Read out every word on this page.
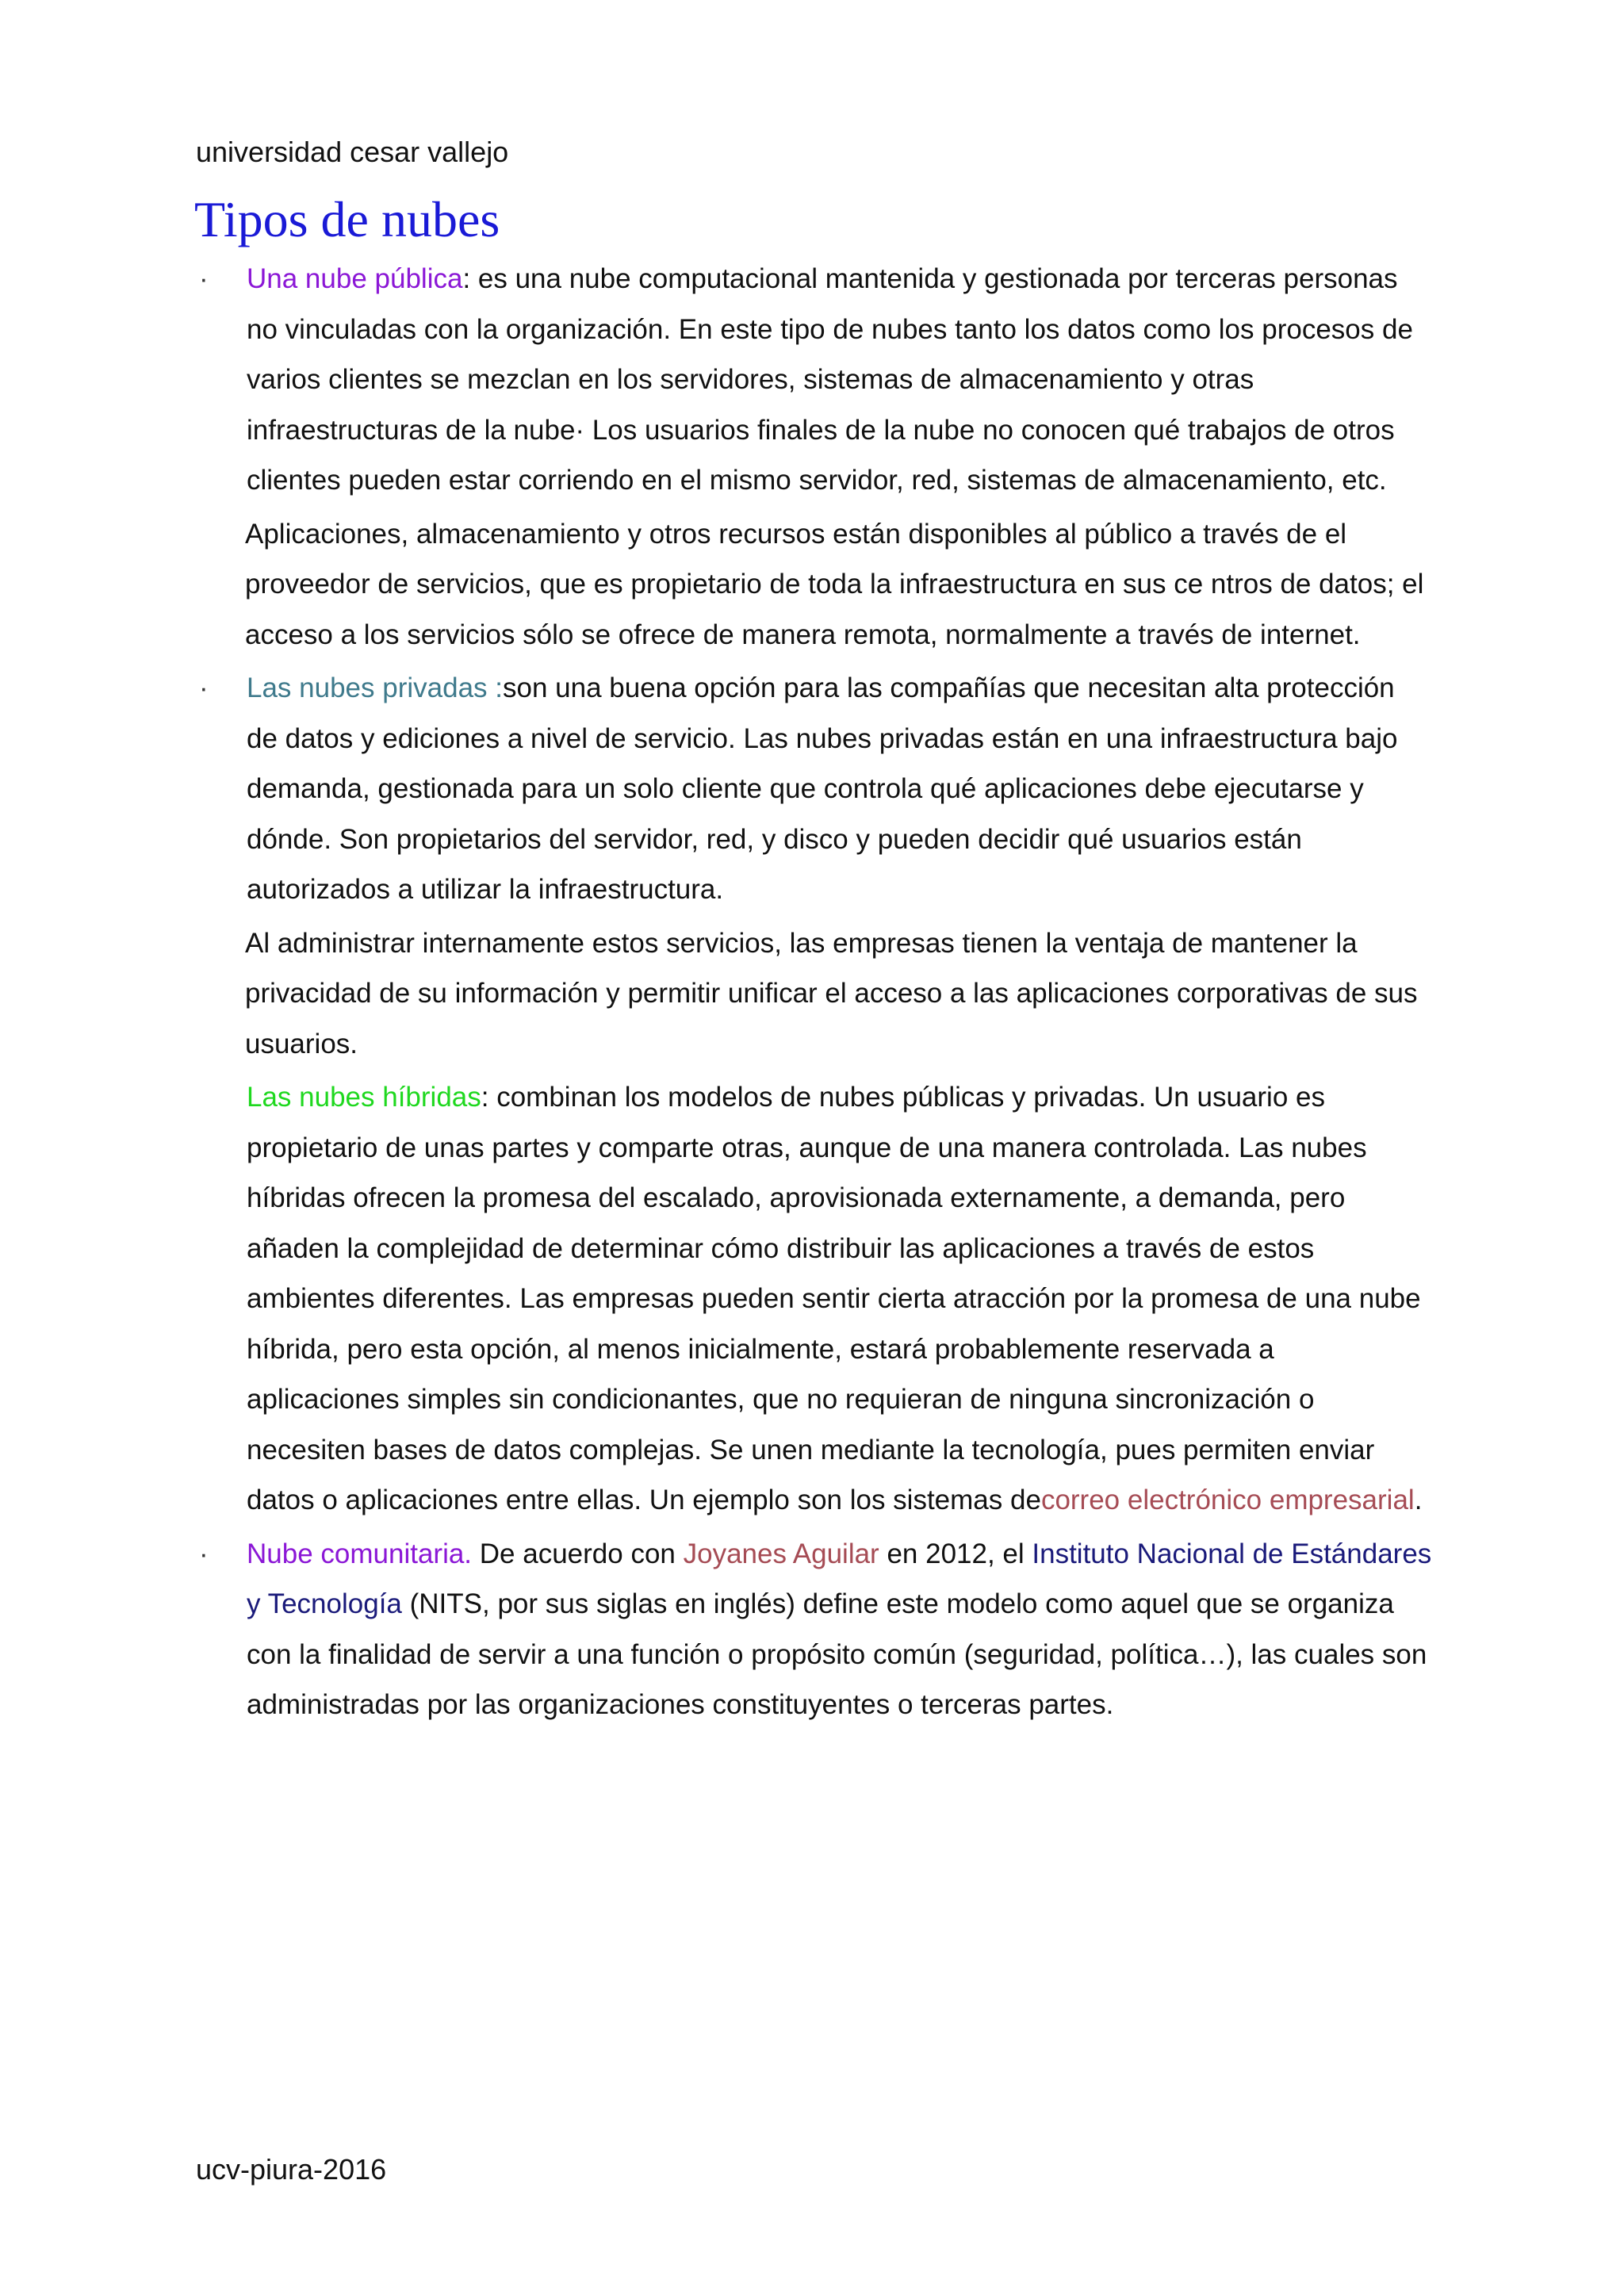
universidad cesar vallejo
Tipos de nubes
· Una nube pública: es una nube computacional mantenida y gestionada por terceras personas no vinculadas con la organización. En este tipo de nubes tanto los datos como los procesos de varios clientes se mezclan en los servidores, sistemas de almacenamiento y otras infraestructuras de la nube· Los usuarios finales de la nube no conocen qué trabajos de otros clientes pueden estar corriendo en el mismo servidor, red, sistemas de almacenamiento, etc.

Aplicaciones, almacenamiento y otros recursos están disponibles al público a través de el proveedor de servicios, que es propietario de toda la infraestructura en sus ce ntros de datos; el acceso a los servicios sólo se ofrece de manera remota, normalmente a través de internet.
· Las nubes privadas :son una buena opción para las compañías que necesitan alta protección de datos y ediciones a nivel de servicio. Las nubes privadas están en una infraestructura bajo demanda, gestionada para un solo cliente que controla qué aplicaciones debe ejecutarse y dónde. Son propietarios del servidor, red, y disco y pueden decidir qué usuarios están autorizados a utilizar la infraestructura.

Al administrar internamente estos servicios, las empresas tienen la ventaja de mantener la privacidad de su información y permitir unificar el acceso a las aplicaciones corporativas de sus usuarios.

Las nubes híbridas: combinan los modelos de nubes públicas y privadas. Un usuario es propietario de unas partes y comparte otras, aunque de una manera controlada. Las nubes híbridas ofrecen la promesa del escalado, aprovisionada externamente, a demanda, pero añaden la complejidad de determinar cómo distribuir las aplicaciones a través de estos ambientes diferentes. Las empresas pueden sentir cierta atracción por la promesa de una nube híbrida, pero esta opción, al menos inicialmente, estará probablemente reservada a aplicaciones simples sin condicionantes, que no requieran de ninguna sincronización o necesiten bases de datos complejas. Se unen mediante la tecnología, pues permiten enviar datos o aplicaciones entre ellas. Un ejemplo son los sistemas decorreo electrónico empresarial.

· Nube comunitaria. De acuerdo con Joyanes Aguilar en 2012, el Instituto Nacional de Estándares y Tecnología (NITS, por sus siglas en inglés) define este modelo como aquel que se organiza con la finalidad de servir a una función o propósito común (seguridad, política…), las cuales son administradas por las organizaciones constituyentes o terceras partes.

ucv-piura-2016
